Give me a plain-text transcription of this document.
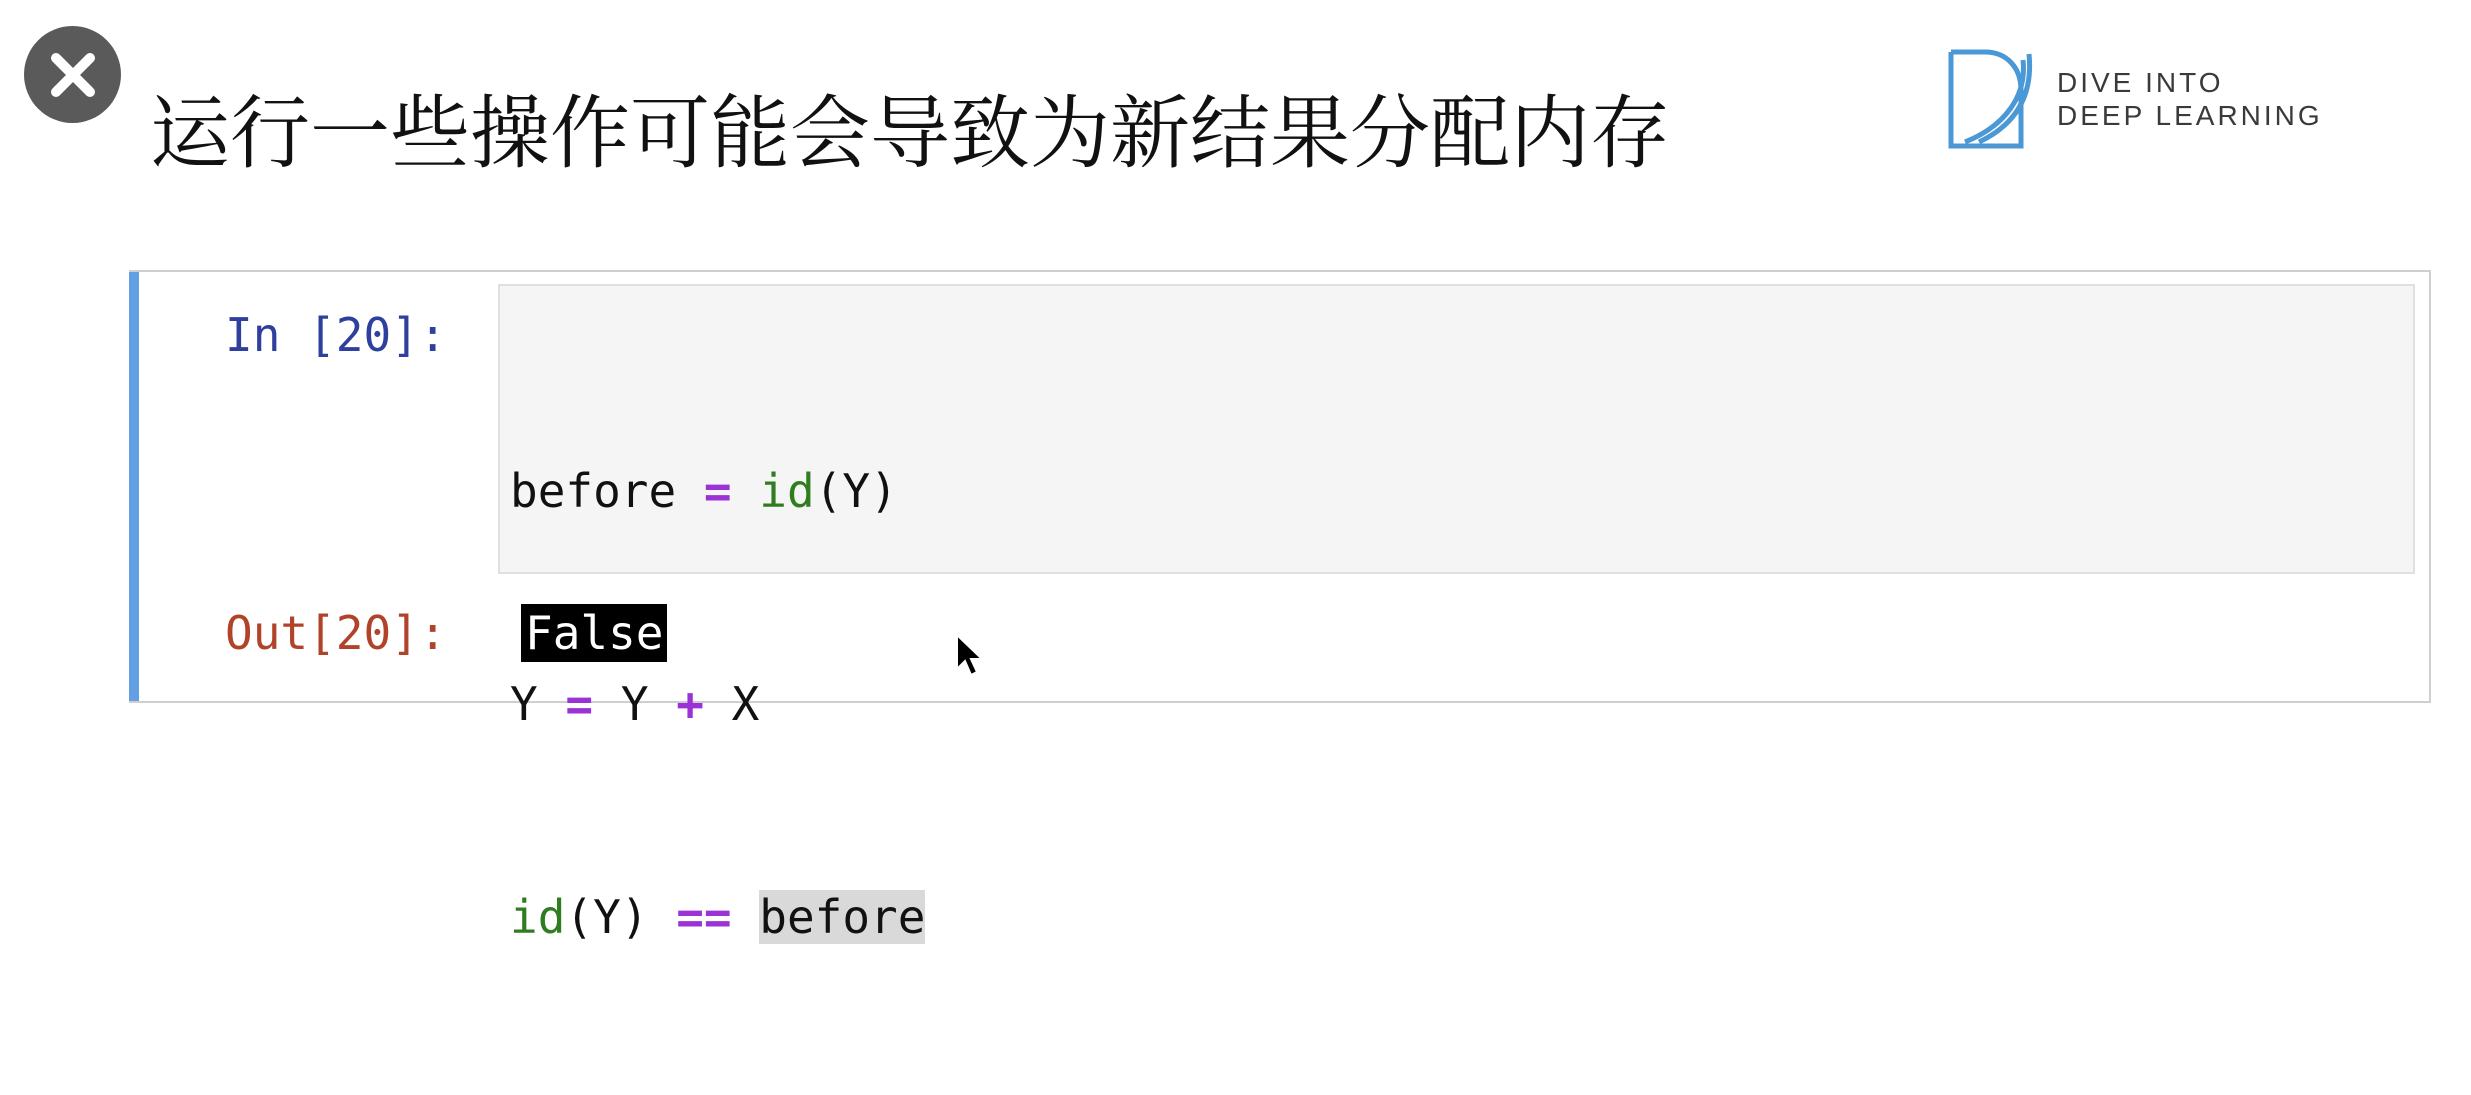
运行一些操作可能会导致为新结果分配内存
DIVE INTO
DEEP LEARNING
In [20]:

before = id(Y)

Y = Y + X

id(Y) == before

Out[20]: False
